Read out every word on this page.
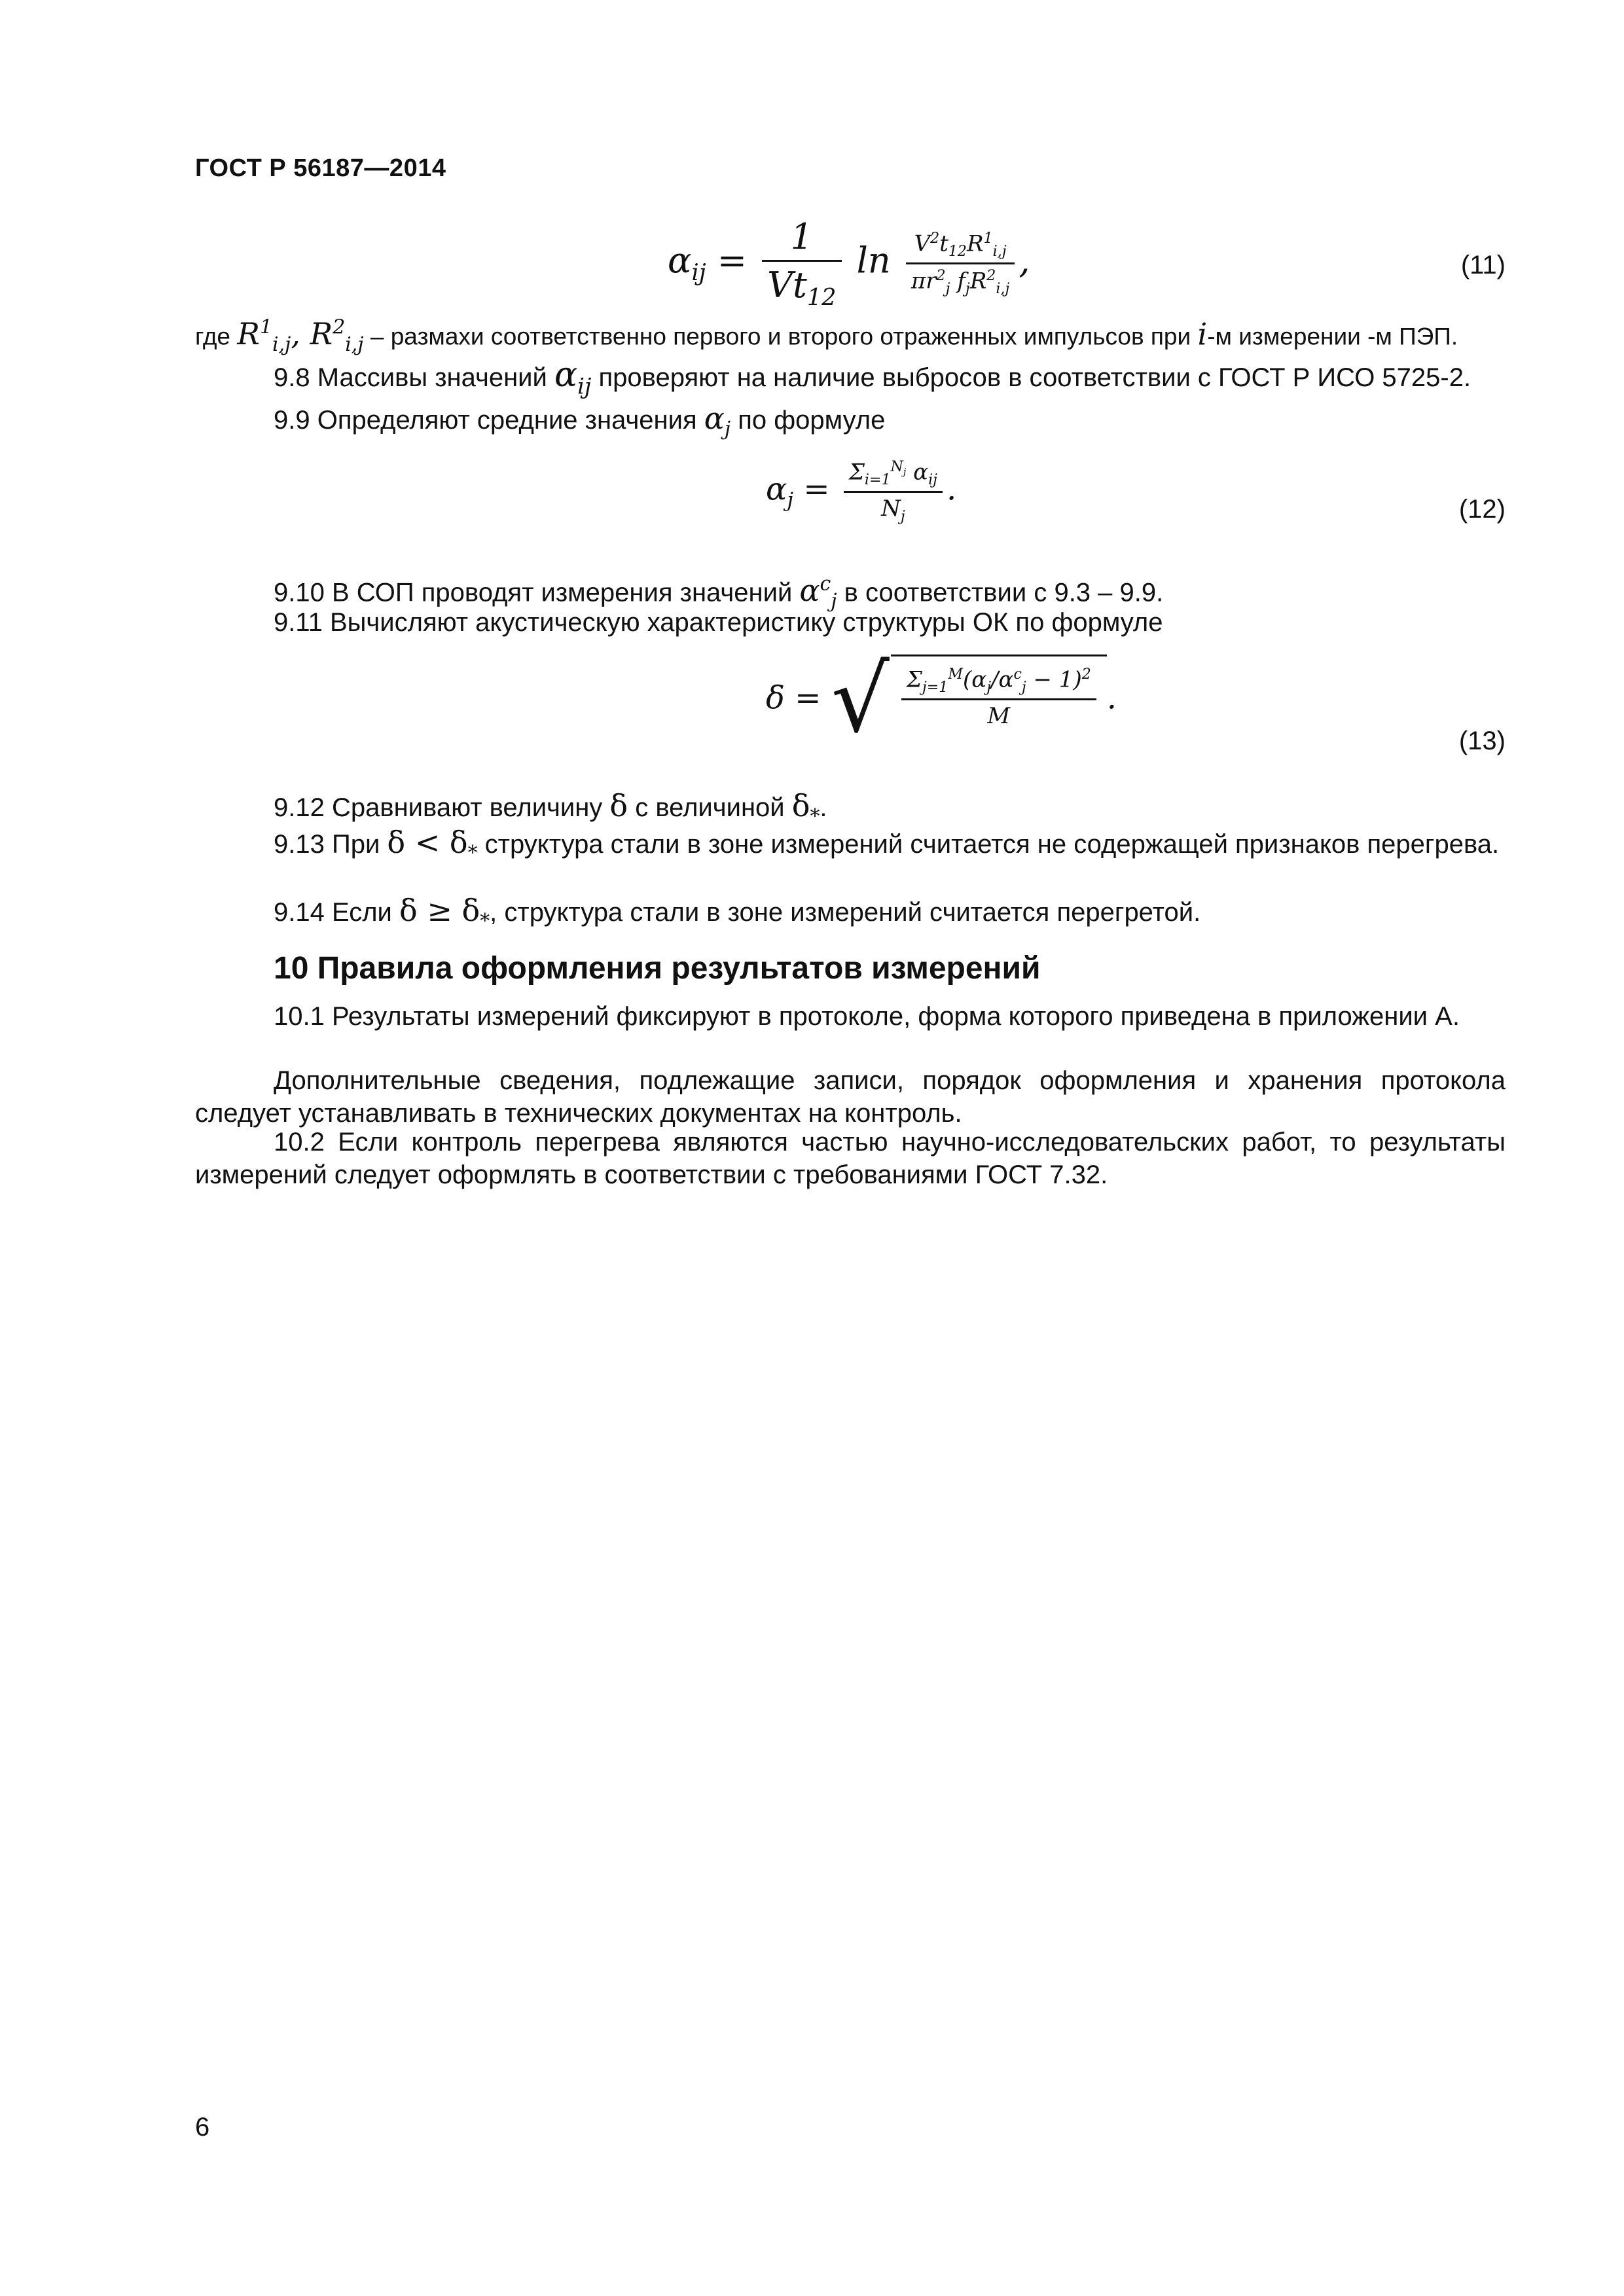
ГОСТ Р 56187—2014
$\alpha_{ij} = \frac{1}{Vt_{12}}$ $\ln \frac{V^2t_{12}R^1_{i,j}}{\pi r^2_j f_jR^2_{i,j}}$ ,	(11)
где $R^1_{i,j}$, $R^2_{i,j}$ – размахи соответственно первого и второго отраженных импульсов при i-м измерении -м ПЭП.
9.8 Массивы значений $\alpha_{ij}$ проверяют на наличие выбросов в соответствии с ГОСТ Р ИСО 5725-2.
9.9 Определяют средние значения $\alpha_j$ по формуле
$\alpha_j = \frac{\Sigma_{i=1}^{N_j} \alpha_{ij}}{N_j}$ .
(12)
9.10 В СОП проводят измерения значений $\alpha^c_j$ в соответствии с 9.3 – 9.9.
9.11 Вычисляют акустическую характеристику структуры ОК по формуле
δ = √ $\frac{\Sigma_{j=1}^M(\alpha_j/\alpha^c_j - 1)^2}{M}$ .
(13)
9.12 Сравнивают величину δ с величиной $\delta_*$.
9.13 При $\delta < \delta_*$ структура стали в зоне измерений считается не содержащей признаков перегрева.
9.14 Если $\delta \ge \delta_*$, структура стали в зоне измерений считается перегретой.
10 Правила оформления результатов измерений
10.1 Результаты измерений фиксируют в протоколе, форма которого приведена в приложении А.
Дополнительные сведения, подлежащие записи, порядок оформления и хранения протокола следует устанавливать в технических документах на контроль.
10.2 Если контроль перегрева являются частью научно-исследовательских работ, то результаты измерений следует оформлять в соответствии с требованиями ГОСТ 7.32.
6
